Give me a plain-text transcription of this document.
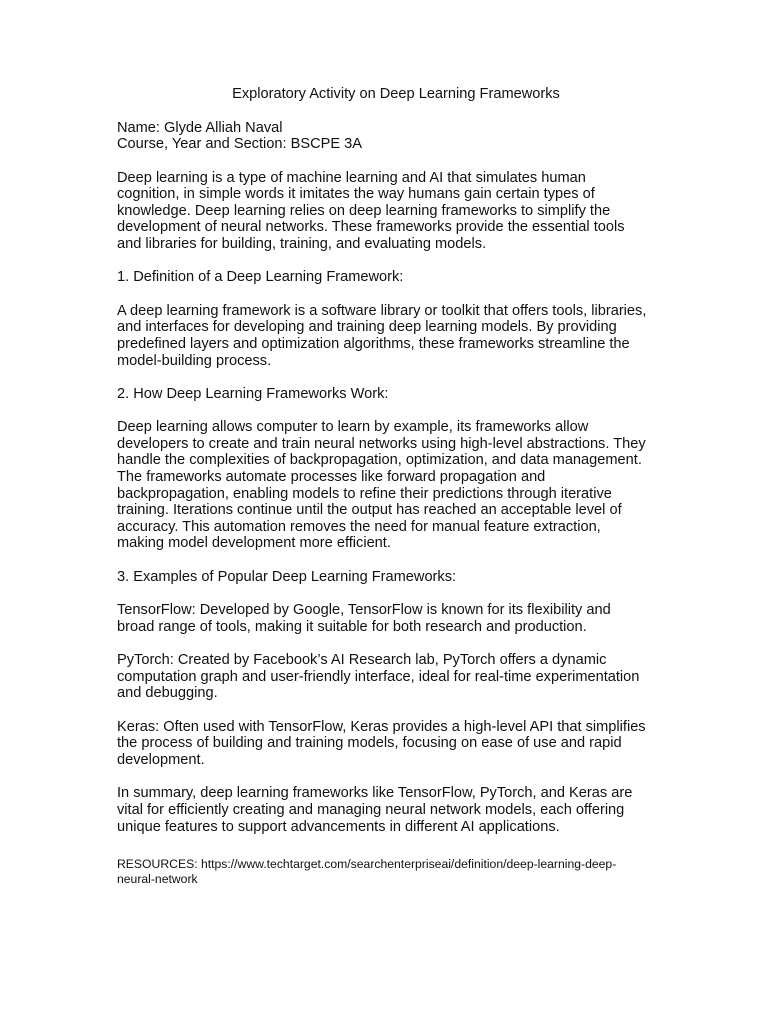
Exploratory Activity on Deep Learning Frameworks

Name: Glyde Alliah Naval

Course, Year and Section: BSCPE 3A

Deep learning is a type of machine learning and AI that simulates human cognition, in simple words it imitates the way humans gain certain types of knowledge. Deep learning relies on deep learning frameworks to simplify the development of neural networks. These frameworks provide the essential tools and libraries for building, training, and evaluating models.

1. Definition of a Deep Learning Framework:

A deep learning framework is a software library or toolkit that offers tools, libraries, and interfaces for developing and training deep learning models. By providing predefined layers and optimization algorithms, these frameworks streamline the model-building process.

2. How Deep Learning Frameworks Work:

Deep learning allows computer to learn by example, its frameworks allow developers to create and train neural networks using high-level abstractions. They handle the complexities of backpropagation, optimization, and data management. The frameworks automate processes like forward propagation and backpropagation, enabling models to refine their predictions through iterative training. Iterations continue until the output has reached an acceptable level of accuracy. This automation removes the need for manual feature extraction, making model development more efficient.

3. Examples of Popular Deep Learning Frameworks:

TensorFlow: Developed by Google, TensorFlow is known for its flexibility and broad range of tools, making it suitable for both research and production.

PyTorch: Created by Facebook’s AI Research lab, PyTorch offers a dynamic computation graph and user-friendly interface, ideal for real-time experimentation and debugging.

Keras: Often used with TensorFlow, Keras provides a high-level API that simplifies the process of building and training models, focusing on ease of use and rapid development.

In summary, deep learning frameworks like TensorFlow, PyTorch, and Keras are vital for efficiently creating and managing neural network models, each offering unique features to support advancements in different AI applications.

RESOURCES: https://www.techtarget.com/searchenterpriseai/definition/deep-learning-deep-neural-network
